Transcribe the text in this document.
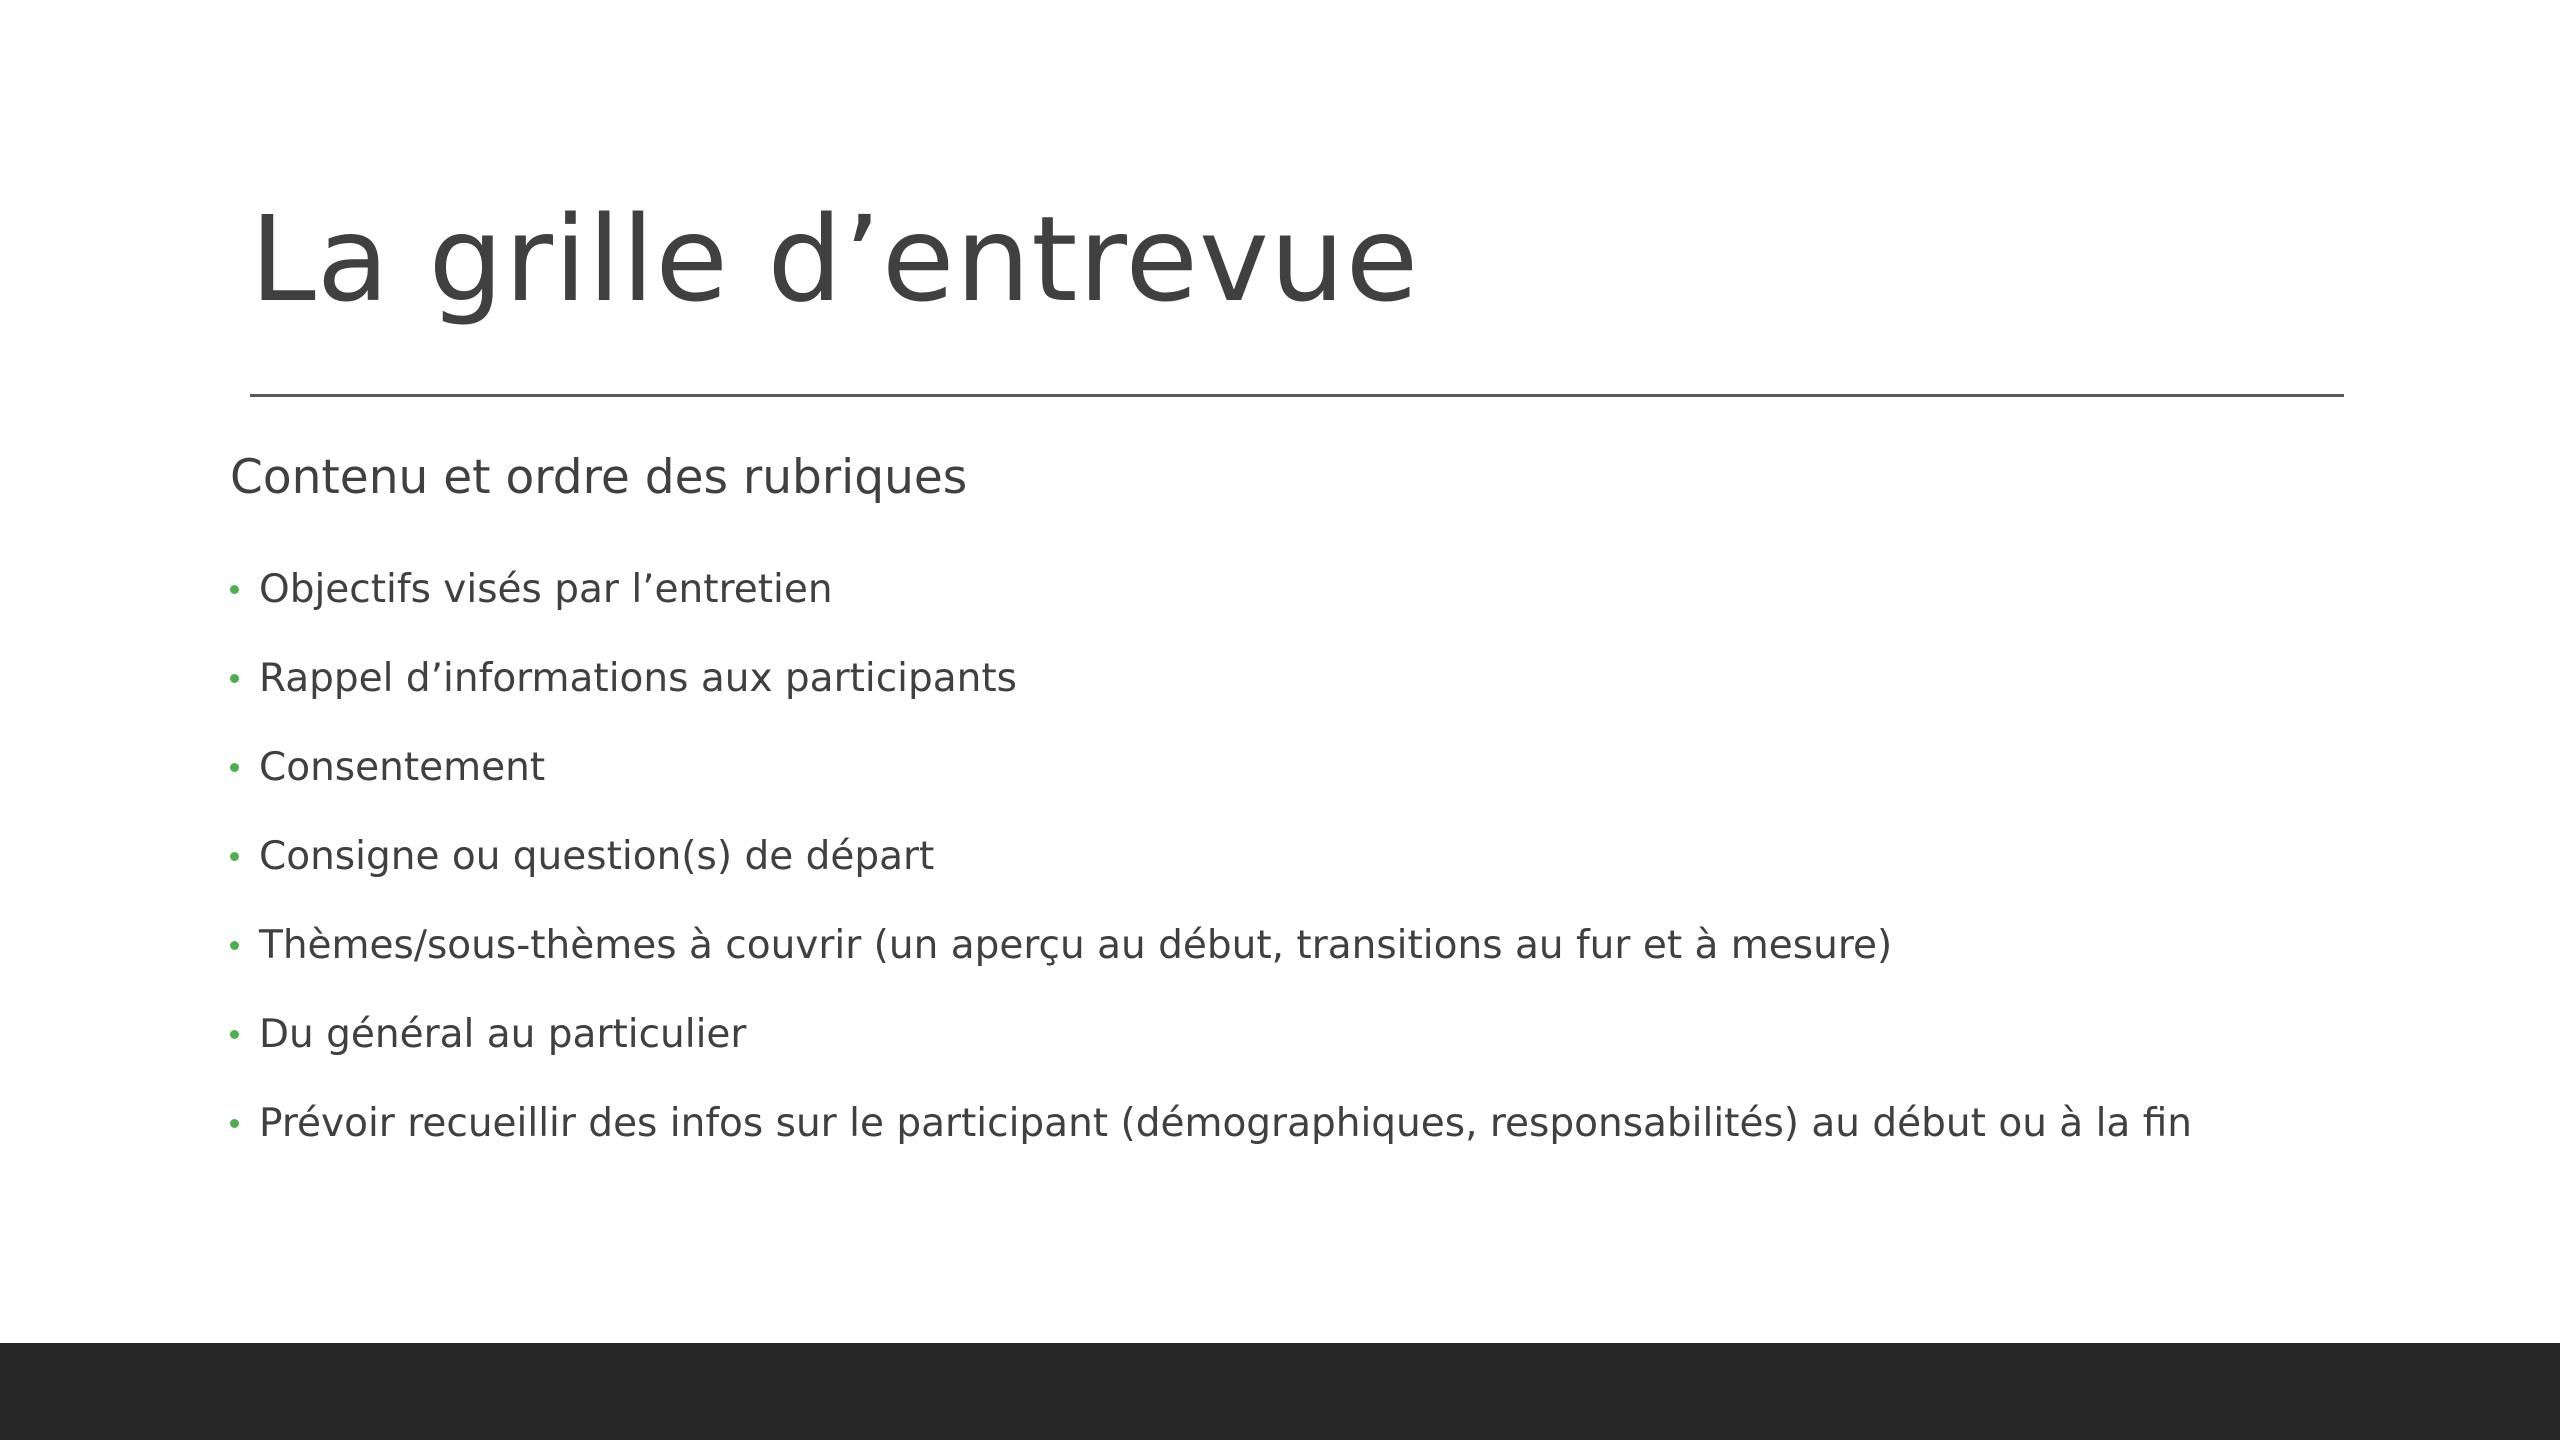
La grille d’entrevue
Contenu et ordre des rubriques
Objectifs visés par l’entretien
Rappel d’informations aux participants
Consentement
Consigne ou question(s) de départ
Thèmes/sous-thèmes à couvrir (un aperçu au début, transitions au fur et à mesure)
Du général au particulier
Prévoir recueillir des infos sur le participant (démographiques, responsabilités) au début ou à la fin
